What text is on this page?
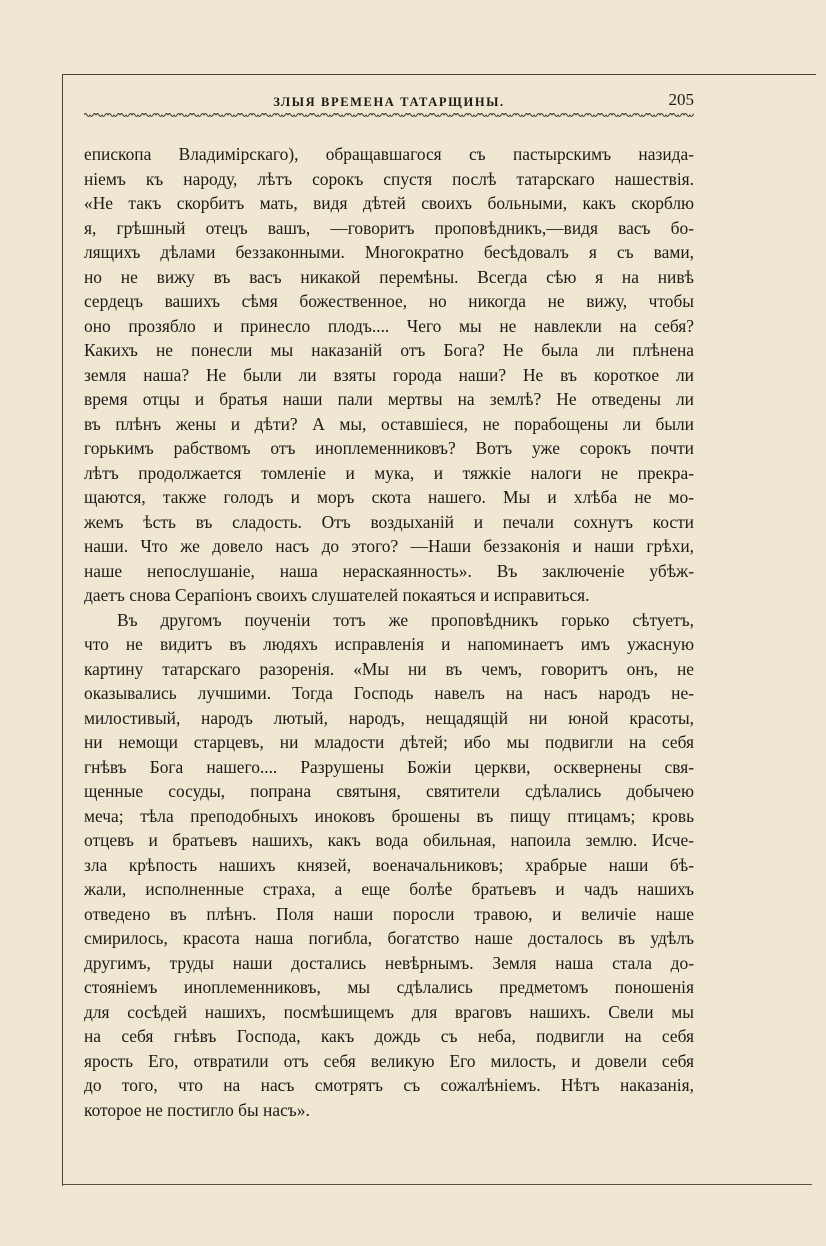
ЗЛЫЯ ВРЕМЕНА ТАТАРЩИНЫ.	205
епископа Владимірскаго), обращавшагося съ пастырскимъ назида-
ніемъ къ народу, лѣтъ сорокъ спустя послѣ татарскаго нашествія.
«Не такъ скорбитъ мать, видя дѣтей своихъ больными, какъ скорблю
я, грѣшный отецъ вашъ, —говоритъ проповѣдникъ,—видя васъ бо-
лящихъ дѣлами беззаконными. Многократно бесѣдовалъ я съ вами,
но не вижу въ васъ никакой перемѣны. Всегда сѣю я на нивѣ
сердецъ вашихъ сѣмя божественное, но никогда не вижу, чтобы
оно прозябло и принесло плодъ.... Чего мы не навлекли на себя?
Какихъ не понесли мы наказаній отъ Бога? Не была ли плѣнена
земля наша? Не были ли взяты города наши? Не въ короткое ли
время отцы и братья наши пали мертвы на землѣ? Не отведены ли
въ плѣнъ жены и дѣти? А мы, оставшіеся, не порабощены ли были
горькимъ рабствомъ отъ иноплеменниковъ? Вотъ уже сорокъ почти
лѣтъ продолжается томленіе и мука, и тяжкіе налоги не прекра-
щаются, также голодъ и моръ скота нашего. Мы и хлѣба не мо-
жемъ ѣсть въ сладость. Отъ воздыханій и печали сохнутъ кости
наши. Что же довело насъ до этого? —Наши беззаконія и наши грѣхи,
наше непослушаніе, наша нераскаянность». Въ заключеніе убѣж-
даетъ снова Серапіонъ своихъ слушателей покаяться и исправиться.
Въ другомъ поученіи тотъ же проповѣдникъ горько сѣтуетъ,
что не видитъ въ людяхъ исправленія и напоминаетъ имъ ужасную
картину татарскаго разоренія. «Мы ни въ чемъ, говоритъ онъ, не
оказывались лучшими. Тогда Господь навелъ на насъ народъ не-
милостивый, народъ лютый, народъ, нещадящій ни юной красоты,
ни немощи старцевъ, ни младости дѣтей; ибо мы подвигли на себя
гнѣвъ Бога нашего.... Разрушены Божіи церкви, осквернены свя-
щенные сосуды, попрана святыня, святители сдѣлались добычею
меча; тѣла преподобныхъ иноковъ брошены въ пищу птицамъ; кровь
отцевъ и братьевъ нашихъ, какъ вода обильная, напоила землю. Исче-
зла крѣпость нашихъ князей, военачальниковъ; храбрые наши бѣ-
жали, исполненные страха, а еще болѣе братьевъ и чадъ нашихъ
отведено въ плѣнъ. Поля наши поросли травою, и величіе наше
смирилось, красота наша погибла, богатство наше досталось въ удѣлъ
другимъ, труды наши достались невѣрнымъ. Земля наша стала до-
стояніемъ иноплеменниковъ, мы сдѣлались предметомъ поношенія
для сосѣдей нашихъ, посмѣшищемъ для враговъ нашихъ. Свели мы
на себя гнѣвъ Господа, какъ дождь съ неба, подвигли на себя
ярость Его, отвратили отъ себя великую Его милость, и довели себя
до того, что на насъ смотрятъ съ сожалѣніемъ. Нѣтъ наказанія,
которое не постигло бы насъ».
